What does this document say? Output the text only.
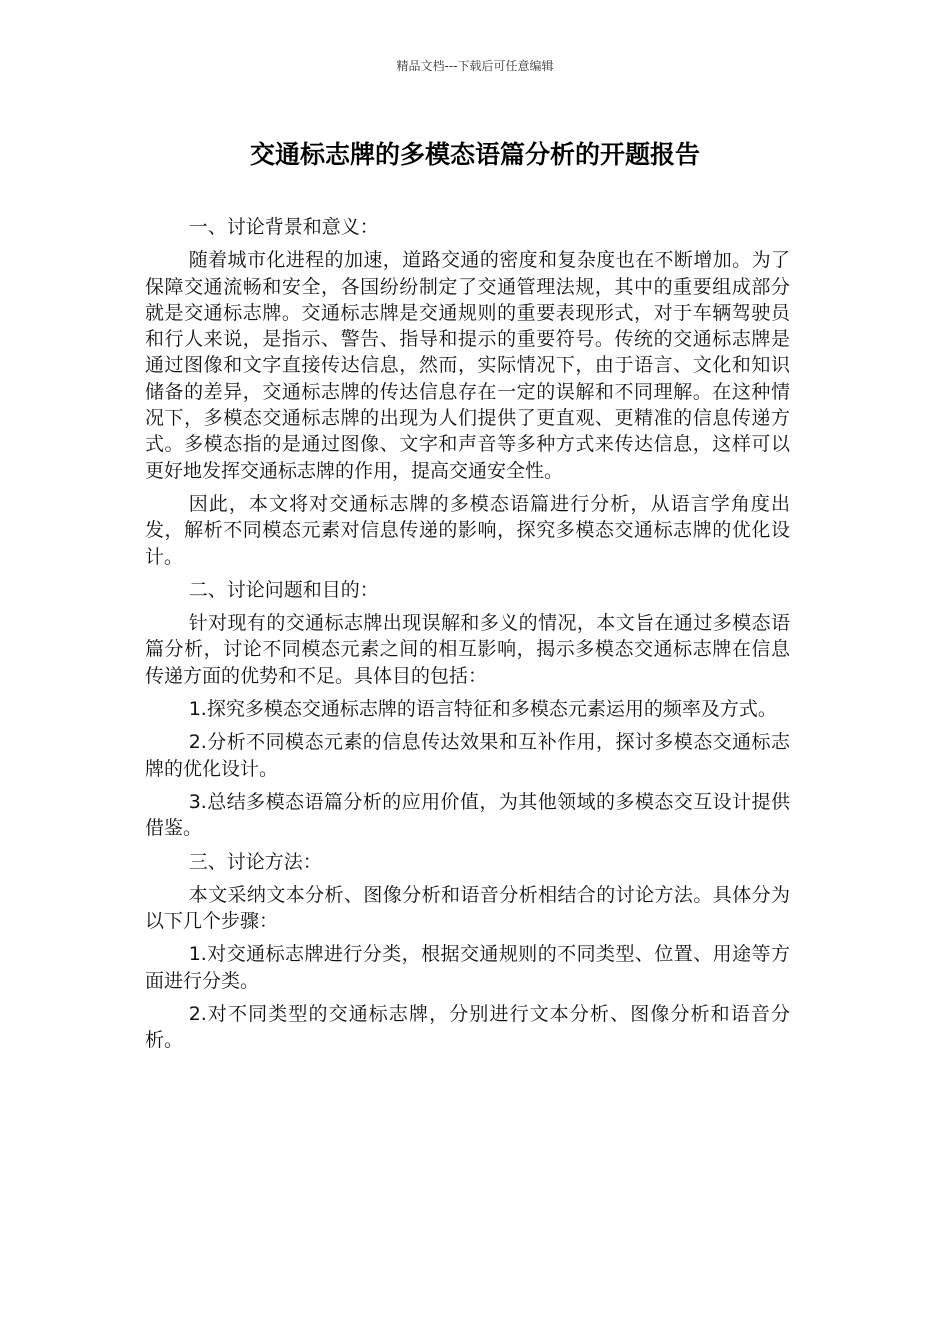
精品文档---下载后可任意编辑
交通标志牌的多模态语篇分析的开题报告

一、讨论背景和意义：

随着城市化进程的加速，道路交通的密度和复杂度也在不断增加。为了保障交通流畅和安全，各国纷纷制定了交通管理法规，其中的重要组成部分就是交通标志牌。交通标志牌是交通规则的重要表现形式，对于车辆驾驶员和行人来说，是指示、警告、指导和提示的重要符号。传统的交通标志牌是通过图像和文字直接传达信息，然而，实际情况下，由于语言、文化和知识储备的差异，交通标志牌的传达信息存在一定的误解和不同理解。在这种情况下，多模态交通标志牌的出现为人们提供了更直观、更精准的信息传递方式。多模态指的是通过图像、文字和声音等多种方式来传达信息，这样可以更好地发挥交通标志牌的作用，提高交通安全性。

因此，本文将对交通标志牌的多模态语篇进行分析，从语言学角度出发，解析不同模态元素对信息传递的影响，探究多模态交通标志牌的优化设计。

二、讨论问题和目的：

针对现有的交通标志牌出现误解和多义的情况，本文旨在通过多模态语篇分析，讨论不同模态元素之间的相互影响，揭示多模态交通标志牌在信息传递方面的优势和不足。具体目的包括：

1.探究多模态交通标志牌的语言特征和多模态元素运用的频率及方式。

2.分析不同模态元素的信息传达效果和互补作用，探讨多模态交通标志牌的优化设计。

3.总结多模态语篇分析的应用价值，为其他领域的多模态交互设计提供借鉴。

三、讨论方法：

本文采纳文本分析、图像分析和语音分析相结合的讨论方法。具体分为以下几个步骤：

1.对交通标志牌进行分类，根据交通规则的不同类型、位置、用途等方面进行分类。

2.对不同类型的交通标志牌，分别进行文本分析、图像分析和语音分析。
